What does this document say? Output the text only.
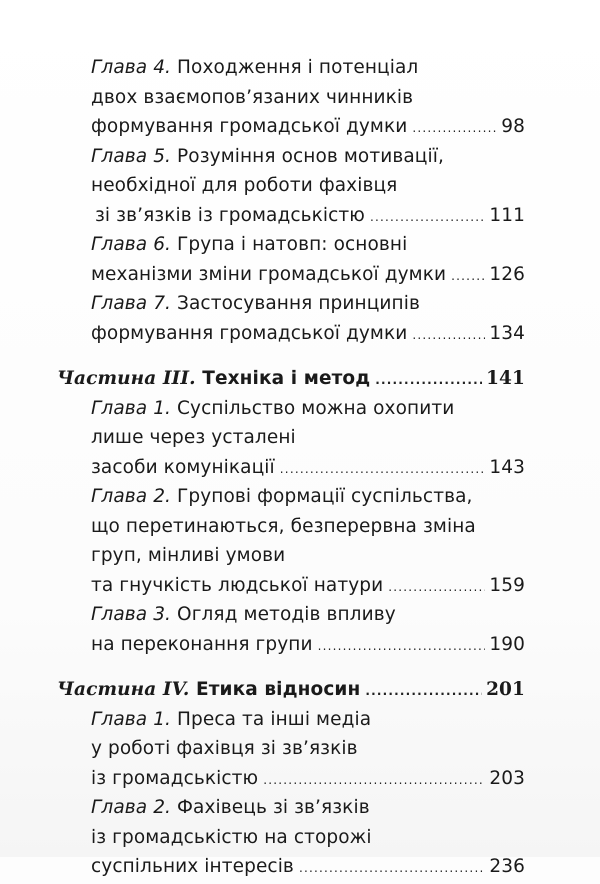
Глава 4. Походження і потенціал
двох взаємопов’язаних чинників
формування громадської думки .....	98
Глава 5. Розуміння основ мотивації,
необхідної для роботи фахівця
зі зв’язків із громадськістю .....	111
Глава 6. Група і натовп: основні
механізми зміни громадської думки ..... 126
Глава 7. Застосування принципів
формування громадської думки .....	134
Частина III. Техніка і метод .....	141
Глава 1. Суспільство можна охопити
лише через усталені
засоби комунікації .....	143
Глава 2. Групові формації суспільства,
що перетинаються, безперервна зміна
груп, мінливі умови
та гнучкість людської натури .....	159
Глава 3. Огляд методів впливу
на переконання групи .....	190
Частина IV. Етика відносин .....	201
Глава 1. Преса та інші медіа
у роботі фахівця зі зв’язків
із громадськістю .....	203
Глава 2. Фахівець зі зв’язків
із громадськістю на сторожі
суспільних інтересів .....	236
